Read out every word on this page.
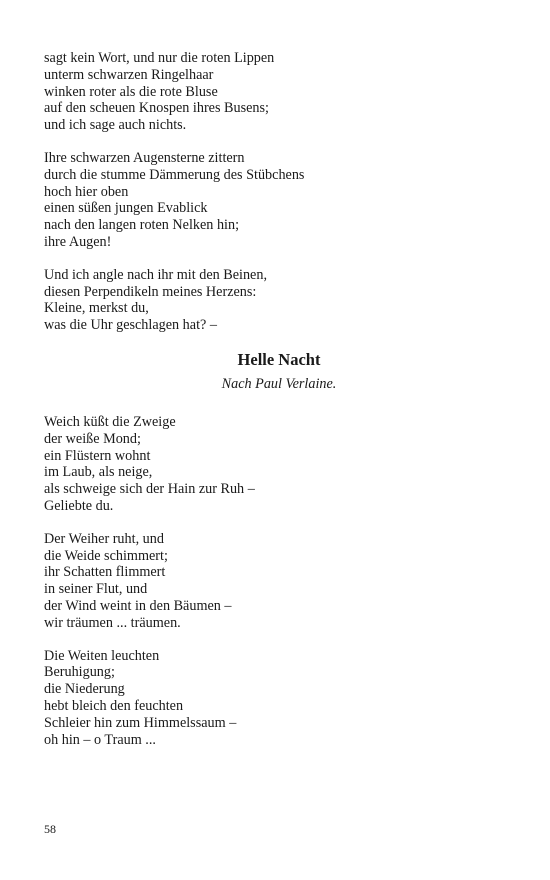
sagt kein Wort, und nur die roten Lippen
unterm schwarzen Ringelhaar
winken roter als die rote Bluse
auf den scheuen Knospen ihres Busens;
und ich sage auch nichts.
Ihre schwarzen Augensterne zittern
durch die stumme Dämmerung des Stübchens
hoch hier oben
einen süßen jungen Evablick
nach den langen roten Nelken hin;
ihre Augen!
Und ich angle nach ihr mit den Beinen,
diesen Perpendikeln meines Herzens:
Kleine, merkst du,
was die Uhr geschlagen hat? –
Helle Nacht
Nach Paul Verlaine.
Weich küßt die Zweige
der weiße Mond;
ein Flüstern wohnt
im Laub, als neige,
als schweige sich der Hain zur Ruh –
Geliebte du.
Der Weiher ruht, und
die Weide schimmert;
ihr Schatten flimmert
in seiner Flut, und
der Wind weint in den Bäumen –
wir träumen ... träumen.
Die Weiten leuchten
Beruhigung;
die Niederung
hebt bleich den feuchten
Schleier hin zum Himmelssaum –
oh hin – o Traum ...
58
